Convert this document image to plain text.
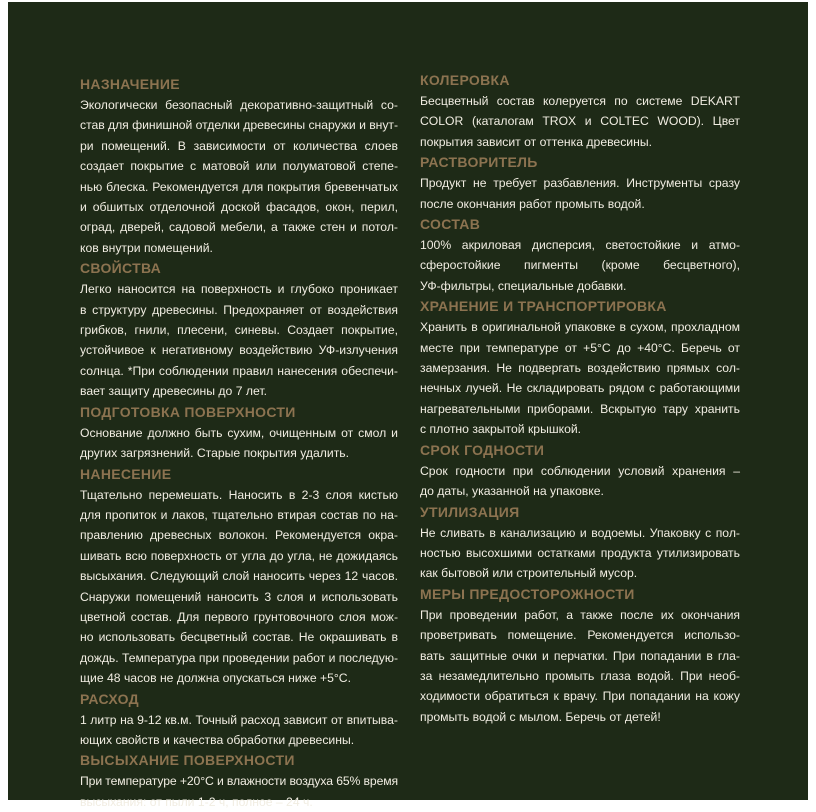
НАЗНАЧЕНИЕ
Экологически безопасный декоративно-защитный со-
став для финишной отделки древесины снаружи и внут-
ри помещений. В зависимости от количества слоев
создает покрытие с матовой или полуматовой степе-
нью блеска. Рекомендуется для покрытия бревенчатых
и обшитых отделочной доской фасадов, окон, перил,
оград, дверей, садовой мебели, а также стен и потол-
ков внутри помещений.
СВОЙСТВА
Легко наносится на поверхность и глубоко проникает
в структуру древесины. Предохраняет от воздействия
грибков, гнили, плесени, синевы. Создает покрытие,
устойчивое к негативному воздействию УФ-излучения
солнца. *При соблюдении правил нанесения обеспечи-
вает защиту древесины до 7 лет.
ПОДГОТОВКА ПОВЕРХНОСТИ
Основание должно быть сухим, очищенным от смол и
других загрязнений. Старые покрытия удалить.
НАНЕСЕНИЕ
Тщательно перемешать. Наносить в 2-3 слоя кистью
для пропиток и лаков, тщательно втирая состав по на-
правлению древесных волокон. Рекомендуется окра-
шивать всю поверхность от угла до угла, не дожидаясь
высыхания. Следующий слой наносить через 12 часов.
Снаружи помещений наносить 3 слоя и использовать
цветной состав. Для первого грунтовочного слоя мож-
но использовать бесцветный состав. Не окрашивать в
дождь. Температура при проведении работ и последую-
щие 48 часов не должна опускаться ниже +5°С.
РАСХОД
1 литр на 9-12 кв.м. Точный расход зависит от впитыва-
ющих свойств и качества обработки древесины.
ВЫСЫХАНИЕ ПОВЕРХНОСТИ
При температуре +20°С и влажности воздуха 65% время
высыхания: от пыли 1-2 ч, полное – 24 ч.
КОЛЕРОВКА
Бесцветный состав колеруется по системе DEKART
COLOR (каталогам TROX и COLTEC WOOD). Цвет
покрытия зависит от оттенка древесины.
РАСТВОРИТЕЛЬ
Продукт не требует разбавления. Инструменты сразу
после окончания работ промыть водой.
СОСТАВ
100% акриловая дисперсия, светостойкие и атмо-
сферостойкие пигменты (кроме бесцветного),
УФ-фильтры, специальные добавки.
ХРАНЕНИЕ И ТРАНСПОРТИРОВКА
Хранить в оригинальной упаковке в сухом, прохладном
месте при температуре от +5°С до +40°С. Беречь от
замерзания. Не подвергать воздействию прямых сол-
нечных лучей. Не складировать рядом с работающими
нагревательными приборами. Вскрытую тару хранить
с плотно закрытой крышкой.
СРОК ГОДНОСТИ
Срок годности при соблюдении условий хранения –
до даты, указанной на упаковке.
УТИЛИЗАЦИЯ
Не сливать в канализацию и водоемы. Упаковку с пол-
ностью высохшими остатками продукта утилизировать
как бытовой или строительный мусор.
МЕРЫ ПРЕДОСТОРОЖНОСТИ
При проведении работ, а также после их окончания
проветривать помещение. Рекомендуется использо-
вать защитные очки и перчатки. При попадании в гла-
за незамедлительно промыть глаза водой. При необ-
ходимости обратиться к врачу. При попадании на кожу
промыть водой с мылом. Беречь от детей!
